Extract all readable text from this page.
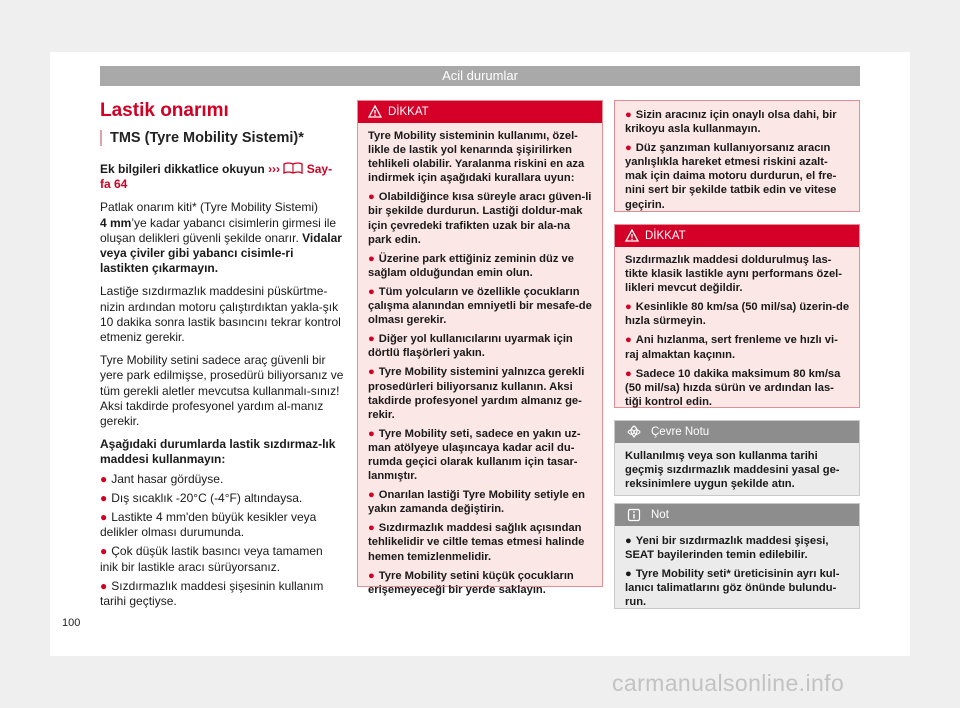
Acil durumlar
Lastik onarımı
TMS (Tyre Mobility Sistemi)*

Ek bilgileri dikkatlice okuyun ›››  Say-
fa 64

Patlak onarım kiti* (Tyre Mobility Sistemi)
4 mm’ye kadar yabancı cisimlerin girmesi ile oluşan delikleri güvenli şekilde onarır. Vidalar veya çiviler gibi yabancı cisimle-ri lastikten çıkarmayın.

Lastiğe sızdırmazlık maddesini püskürtme-nizin ardından motoru çalıştırdıktan yakla-şık 10 dakika sonra lastik basıncını tekrar kontrol etmeniz gerekir.

Tyre Mobility setini sadece araç güvenli bir yere park edilmişse, prosedürü biliyorsanız ve tüm gerekli aletler mevcutsa kullanmalı-sınız! Aksi takdirde profesyonel yardım al-manız gerekir.

Aşağıdaki durumlarda lastik sızdırmaz-lık maddesi kullanmayın:

● Jant hasar gördüyse.
● Dış sıcaklık -20°C (-4°F) altındaysa.
● Lastikte 4 mm'den büyük kesikler veya delikler olması durumunda.
● Çok düşük lastik basıncı veya tamamen inik bir lastikle aracı sürüyorsanız.
● Sızdırmazlık maddesi şişesinin kullanım tarihi geçtiyse.
DİKKAT

Tyre Mobility sisteminin kullanımı, özel-likle de lastik yol kenarında şişirilirken tehlikeli olabilir. Yaralanma riskini en aza indirmek için aşağıdaki kurallara uyun:

● Olabildiğince kısa süreyle aracı güven-li bir şekilde durdurun. Lastiği doldur-mak için çevredeki trafikten uzak bir ala-na park edin.
● Üzerine park ettiğiniz zeminin düz ve sağlam olduğundan emin olun.
● Tüm yolcuların ve özellikle çocukların çalışma alanından emniyetli bir mesafe-de olması gerekir.
● Diğer yol kullanıcılarını uyarmak için dörtlü flaşörleri yakın.
● Tyre Mobility sistemini yalnızca gerekli prosedürleri biliyorsanız kullanın. Aksi takdirde profesyonel yardım almanız ge-rekir.
● Tyre Mobility seti, sadece en yakın uz-man atölyeye ulaşıncaya kadar acil du-rumda geçici olarak kullanım için tasar-lanmıştır.
● Onarılan lastiği Tyre Mobility setiyle en yakın zamanda değiştirin.
● Sızdırmazlık maddesi sağlık açısından tehlikelidir ve ciltle temas etmesi halinde hemen temizlenmelidir.
● Tyre Mobility setini küçük çocukların erişemeyeceği bir yerde saklayın.
● Sizin aracınız için onaylı olsa dahi, bir krikoyu asla kullanmayın.
● Düz şanzıman kullanıyorsanız aracın yanlışlıkla hareket etmesi riskini azalt-mak için daima motoru durdurun, el fre-nini sert bir şekilde tatbik edin ve vitese geçirin.
DİKKAT

Sızdırmazlık maddesi doldurulmuş las-tikte klasik lastikle aynı performans özel-likleri mevcut değildir.

● Kesinlikle 80 km/sa (50 mil/sa) üzerin-de hızla sürmeyin.
● Ani hızlanma, sert frenleme ve hızlı vi-raj almaktan kaçının.
● Sadece 10 dakika maksimum 80 km/sa (50 mil/sa) hızda sürün ve ardından las-tiği kontrol edin.
Çevre Notu

Kullanılmış veya son kullanma tarihi geçmiş sızdırmazlık maddesini yasal ge-reksinimlere uygun şekilde atın.

Not
● Yeni bir sızdırmazlık maddesi şişesi, SEAT bayilerinden temin edilebilir.
● Tyre Mobility seti* üreticisinin ayrı kul-lanıcı talimatlarını göz önünde bulundu-run.
100
carmanualsonline.info
